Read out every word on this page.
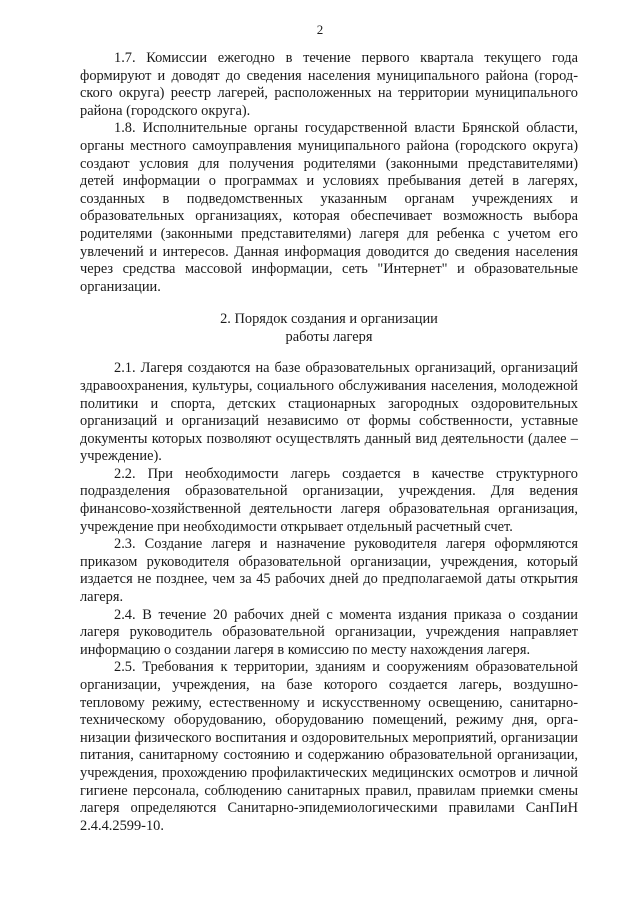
2

1.7. Комиссии ежегодно в течение первого квартала текущего года формируют и доводят до сведения населения муниципального района (городского округа) реестр лагерей, расположенных на территории муниципального района (городского округа).

1.8. Исполнительные органы государственной власти Брянской области, органы местного самоуправления муниципального района (городского округа) создают условия для получения родителями (законными представителями) детей информации о программах и условиях пребывания детей в лагерях, созданных в подведомственных указанным органам учреждениях и образовательных организациях, которая обеспечивает возможность выбора родителями (законными представителями) лагеря для ребенка с учетом его увлечений и интересов. Данная информация доводится до сведения населения через средства массовой информации, сеть "Интернет" и образовательные организации.

2. Порядок создания и организации

работы лагеря

2.1. Лагеря создаются на базе образовательных организаций, организаций здравоохранения, культуры, социального обслуживания населения, молодежной политики и спорта, детских стационарных загородных оздоровительных организаций и организаций независимо от формы собственности, уставные документы которых позволяют осуществлять данный вид деятельности (далее – учреждение).

2.2. При необходимости лагерь создается в качестве структурного подразделения образовательной организации, учреждения. Для ведения финансово-хозяйственной деятельности лагеря образовательная организация, учреждение при необходимости открывает отдельный расчетный счет.

2.3. Создание лагеря и назначение руководителя лагеря оформляются приказом руководителя образовательной организации, учреждения, который издается не позднее, чем за 45 рабочих дней до предполагаемой даты открытия лагеря.

2.4. В течение 20 рабочих дней с момента издания приказа о создании лагеря руководитель образовательной организации, учреждения направляет информацию о создании лагеря в комиссию по месту нахождения лагеря.

2.5. Требования к территории, зданиям и сооружениям образовательной организации, учреждения, на базе которого создается лагерь, воздушно-тепловому режиму, естественному и искусственному освещению, санитарно-техническому оборудованию, оборудованию помещений, режиму дня, организации физического воспитания и оздоровительных мероприятий, организации питания, санитарному состоянию и содержанию образовательной организации, учреждения, прохождению профилактических медицинских осмотров и личной гигиене персонала, соблюдению санитарных правил, правилам приемки смены лагеря определяются Санитарно-эпидемиологическими правилами СанПиН 2.4.4.2599-10.
